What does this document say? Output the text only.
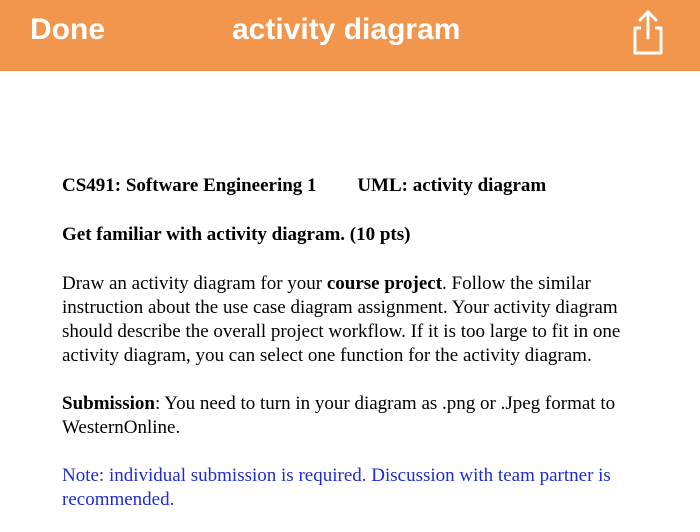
Done	activity diagram
CS491: Software Engineering 1 UML: activity diagram
Get familiar with activity diagram. (10 pts)
Draw an activity diagram for your course project. Follow the similar instruction about the use case diagram assignment. Your activity diagram should describe the overall project workflow. If it is too large to fit in one activity diagram, you can select one function for the activity diagram.
Submission: You need to turn in your diagram as .png or .Jpeg format to WesternOnline.
Note: individual submission is required. Discussion with team partner is recommended.
